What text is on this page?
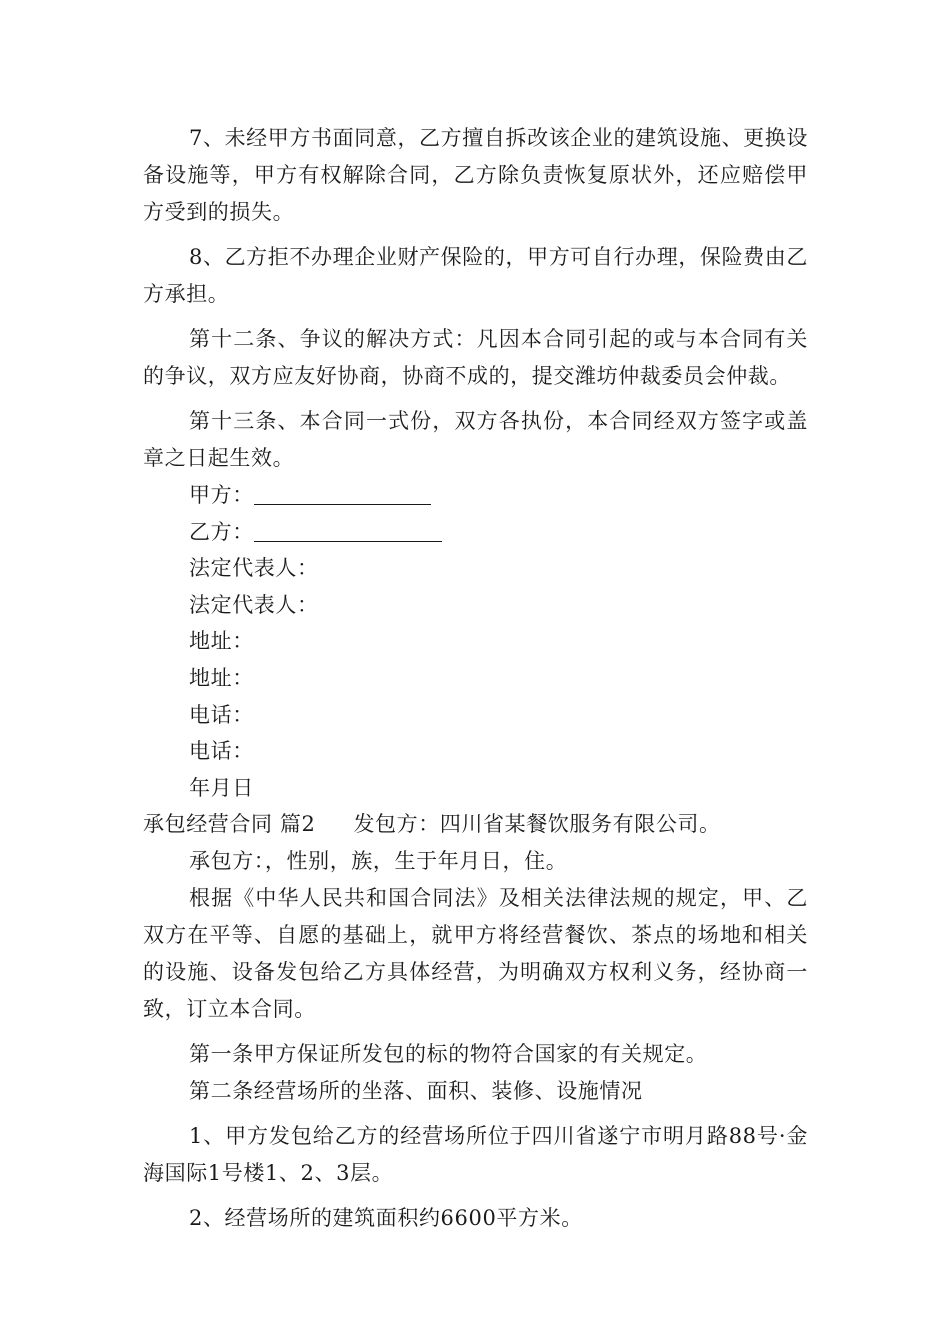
7、未经甲方书面同意，乙方擅自拆改该企业的建筑设施、更换设备设施等，甲方有权解除合同，乙方除负责恢复原状外，还应赔偿甲方受到的损失。

8、乙方拒不办理企业财产保险的，甲方可自行办理，保险费由乙方承担。

第十二条、争议的解决方式：凡因本合同引起的或与本合同有关的争议，双方应友好协商，协商不成的，提交潍坊仲裁委员会仲裁。

第十三条、本合同一式份，双方各执份，本合同经双方签字或盖章之日起生效。

甲方：
乙方：
法定代表人：
法定代表人：
地址：
地址：
电话：
电话：
年月日
承包经营合同 篇2 发包方：四川省某餐饮服务有限公司。
承包方：，性别，族，生于年月日，住。

根据《中华人民共和国合同法》及相关法律法规的规定，甲、乙双方在平等、自愿的基础上，就甲方将经营餐饮、茶点的场地和相关的设施、设备发包给乙方具体经营，为明确双方权利义务，经协商一致，订立本合同。

第一条甲方保证所发包的标的物符合国家的有关规定。

第二条经营场所的坐落、面积、装修、设施情况

1、甲方发包给乙方的经营场所位于四川省遂宁市明月路88号·金海国际1号楼1、2、3层。

2、经营场所的建筑面积约6600平方米。
